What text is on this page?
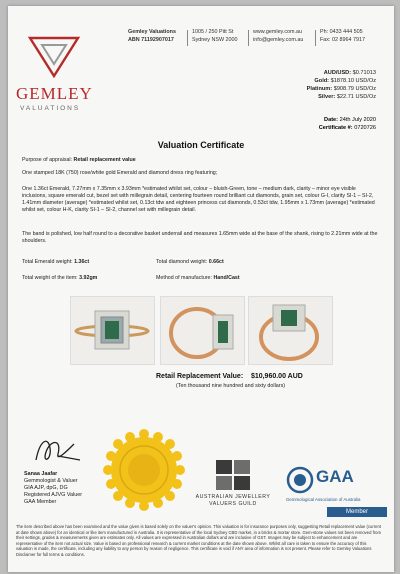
GEMLEY
VALUATIONS
Gemley Valuations
ABN 71192907017
1005 / 250 Pitt St
Sydney NSW 2000
www.gemley.com.au
info@gemley.com.au
Ph: 0433 444 505
Fax: 02 8964 7917
AUD/USD: $0.71013
Gold: $1878.10 USD/Oz
Platinum: $908.79 USD/Oz
Silver: $22.71 USD/Oz
Date: 24th July 2020
Certificate #: 0720726
Valuation Certificate
Purpose of appraisal: Retail replacement value
One stamped 18K (750) rose/white gold Emerald and diamond dress ring featuring;
One 1.36ct Emerald, 7.27mm x 7.35mm x 3.93mm *estimated whilst set, colour – bluish-Green, tone – medium dark, clarity – minor eye visible inclusions, square emerald cut, bezel set with millegrain detail, centering fourteen round brilliant cut diamonds, grain set, colour G-I, clarity SI-1 – SI-2, 1.41mm diameter (average) *estimated whilst set, 0.13ct tdw and eighteen princess cut diamonds, 0.53ct tdw, 1.95mm x 1.73mm (average) *estimated whilst set, colour H-K, clarity SI-1 – SI-2, channel set with millegrain detail.
The band is polished, low half round to a decorative basket underrail and measures 1.65mm wide at the base of the shank, rising to 2.21mm wide at the shoulders.
Total Emerald weight: 1.36ct	Total diamond weight: 0.66ct
Total weight of the item: 3.92gm	Method of manufacture: Hand/Cast
Retail Replacement Value: $10,960.00 AUD
(Ten thousand nine hundred and sixty dollars)
Sanaa Jaafar
Gemmologist & Valuer
GIA AJP, dpG, DG
Registered AJVG Valuer
GAA Member
AUSTRALIAN JEWELLERY
VALUERS GUILD
GAA
Gemmological Association of Australia
Member
The item described above has been examined and the value given is based solely on the valuer's opinion. This valuation is for insurance purposes only, suggesting Retail replacement value (current at date shown above) for an identical or like item manufactured in Australia. It is representative of the local Sydney CBD market, in a bricks & mortar store. Gem-stone values not been removed from their settings, grades & measurements given are estimates only. All values are expressed in Australian dollars and are inclusive of GST. Images may be subject to enhancement and are representative of the item not actual size. Value is based on professional research & current market conditions at the date shown above. Whilst all care is taken to ensure the accuracy of this valuation is made, the certificate, including any liability to any person by reason of negligence. This certificate is void if ANY area of information is not present. Please refer to Gemley Valuations Disclaimer for full terms & conditions.
